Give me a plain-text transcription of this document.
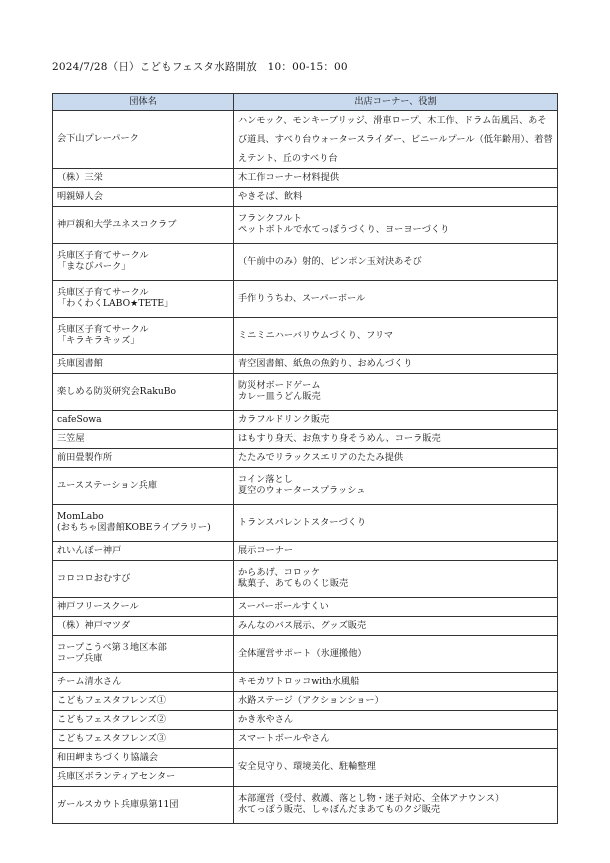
2024/7/28（日）こどもフェスタ水路開放　10：00-15：00
団体名	出店コーナー、役割

会下山プレーパーク	ハンモック、モンキーブリッジ、滑車ロープ、木工作、ドラム缶風呂、あそび道具、すべり台ウォータースライダー、ビニールプール（低年齢用）、着替えテント、丘のすべり台

（株）三栄	木工作コーナー材料提供

明親婦人会	やきそば、飲料

神戸親和大学ユネスコクラブ	フランクフルト
ペットボトルで水てっぽうづくり、ヨーヨーづくり

兵庫区子育てサークル
「まなびパーク」	（午前中のみ）射的、ピンポン玉対決あそび

兵庫区子育てサークル
「わくわくLABO★TETE」	手作りうちわ、スーパーボール

兵庫区子育てサークル
「キラキラキッズ」	ミニミニハーバリウムづくり、フリマ

兵庫図書館	青空図書館、紙魚の魚釣り、おめんづくり

楽しめる防災研究会RakuBo	防災材ボードゲーム
カレー皿うどん販売

cafeSowa	カラフルドリンク販売

三笠屋	はもすり身天、お魚すり身そうめん、コーラ販売

前田畳製作所	たたみでリラックスエリアのたたみ提供

ユースステーション兵庫	コイン落とし
夏空のウォータースプラッシュ

MomLabo
(おもちゃ図書館KOBEライブラリー)	トランスパレントスターづくり

れいんぼー神戸	展示コーナー

コロコロおむすび	からあげ、コロッケ
駄菓子、あてものくじ販売

神戸フリースクール	スーパーボールすくい

（株）神戸マツダ	みんなのバス展示、グッズ販売

コープこうべ第３地区本部
コープ兵庫	全体運営サポート（氷運搬他）

チーム清水さん	キモカワトロッコwith水風船

こどもフェスタフレンズ①	水路ステージ（アクションショー）

こどもフェスタフレンズ②	かき氷やさん

こどもフェスタフレンズ③	スマートボールやさん

和田岬まちづくり協議会	安全見守り、環境美化、駐輪整理

兵庫区ボランティアセンター	

ガールスカウト兵庫県第11団	本部運営（受付、救護、落とし物・迷子対応、全体アナウンス）
水てっぽう販売、しゃぼんだまあてものクジ販売
